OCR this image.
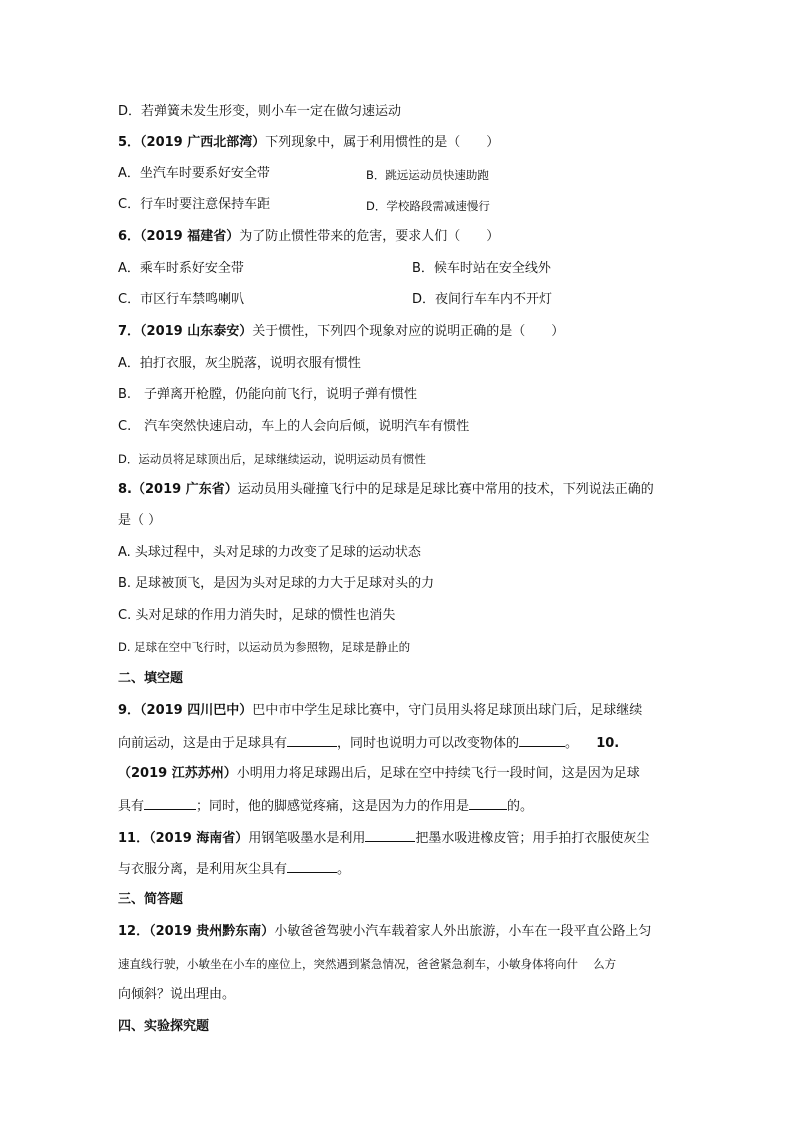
D．若弹簧未发生形变，则小车一定在做匀速运动
5．（2019 广西北部湾）下列现象中，属于利用惯性的是（　　）
A．坐汽车时要系好安全带	B．跳远运动员快速助跑
C．行车时要注意保持车距	D．学校路段需减速慢行
6．（2019 福建省）为了防止惯性带来的危害，要求人们（　　）
A．乘车时系好安全带	B．候车时站在安全线外
C．市区行车禁鸣喇叭	D．夜间行车车内不开灯
7．（2019 山东泰安）关于惯性，下列四个现象对应的说明正确的是（　　）
A．拍打衣服，灰尘脱落，说明衣服有惯性
B.　子弹离开枪膛，仍能向前飞行，说明子弹有惯性
C.　汽车突然快速启动，车上的人会向后倾，说明汽车有惯性
D．运动员将足球顶出后，足球继续运动，说明运动员有惯性
8.（2019 广东省）运动员用头碰撞飞行中的足球是足球比赛中常用的技术，下列说法正确的
是（ ）
A. 头球过程中，头对足球的力改变了足球的运动状态
B. 足球被顶飞，是因为头对足球的力大于足球对头的力
C. 头对足球的作用力消失时，足球的惯性也消失
D. 足球在空中飞行时，以运动员为参照物，足球是静止的
二、填空题
9．（2019 四川巴中）巴中市中学生足球比赛中，守门员用头将足球顶出球门后，足球继续
向前运动，这是由于足球具有	，同时也说明力可以改变物体的	。 10.
（2019 江苏苏州）小明用力将足球踢出后，足球在空中持续飞行一段时间，这是因为足球
具有	；同时，他的脚感觉疼痛，这是因为力的作用是	的。
11．（2019 海南省）用钢笔吸墨水是利用	把墨水吸进橡皮管；用手拍打衣服使灰尘
与衣服分离，是利用灰尘具有	。
三、简答题
12．（2019 贵州黔东南）小敏爸爸驾驶小汽车载着家人外出旅游，小车在一段平直公路上匀
速直线行驶，小敏坐在小车的座位上，突然遇到紧急情况，爸爸紧急刹车，小敏身体将向什　 么方
向倾斜？说出理由。
四、实验探究题
